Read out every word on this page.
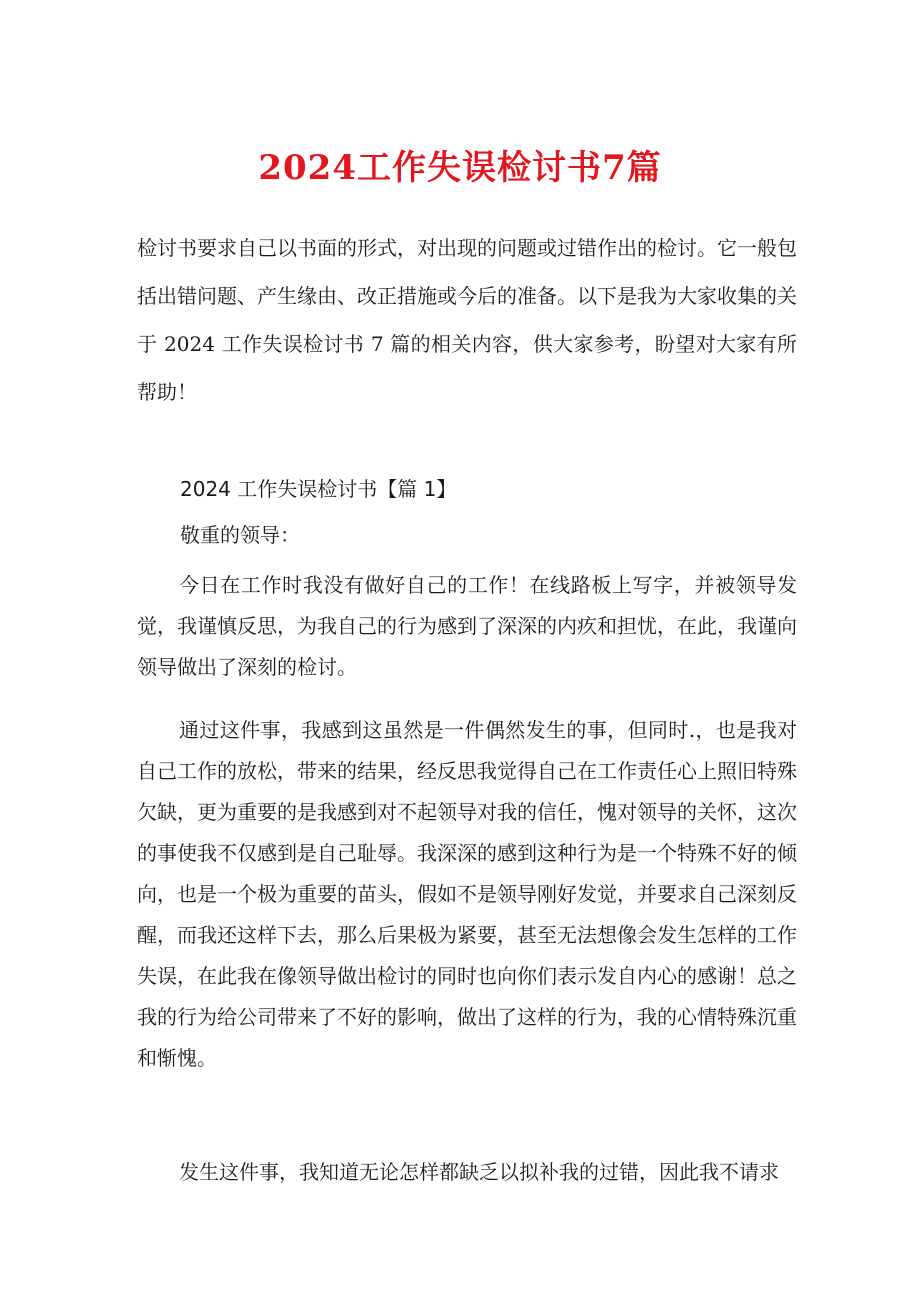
2024工作失误检讨书7篇

检讨书要求自己以书面的形式，对出现的问题或过错作出的检讨。它一般包括出错问题、产生缘由、改正措施或今后的准备。以下是我为大家收集的关于 2024 工作失误检讨书 7 篇的相关内容，供大家参考，盼望对大家有所帮助！

2024 工作失误检讨书【篇 1】
敬重的领导：

今日在工作时我没有做好自己的工作！在线路板上写字，并被领导发觉，我谨慎反思，为我自己的行为感到了深深的内疚和担忧，在此，我谨向领导做出了深刻的检讨。

通过这件事，我感到这虽然是一件偶然发生的事，但同时.，也是我对自己工作的放松，带来的结果，经反思我觉得自己在工作责任心上照旧特殊欠缺，更为重要的是我感到对不起领导对我的信任，愧对领导的关怀，这次的事使我不仅感到是自己耻辱。我深深的感到这种行为是一个特殊不好的倾向，也是一个极为重要的苗头，假如不是领导刚好发觉，并要求自己深刻反醒，而我还这样下去，那么后果极为紧要，甚至无法想像会发生怎样的工作失误，在此我在像领导做出检讨的同时也向你们表示发自内心的感谢！总之我的行为给公司带来了不好的影响，做出了这样的行为，我的心情特殊沉重和惭愧。

发生这件事，我知道无论怎样都缺乏以拟补我的过错，因此我不请求
